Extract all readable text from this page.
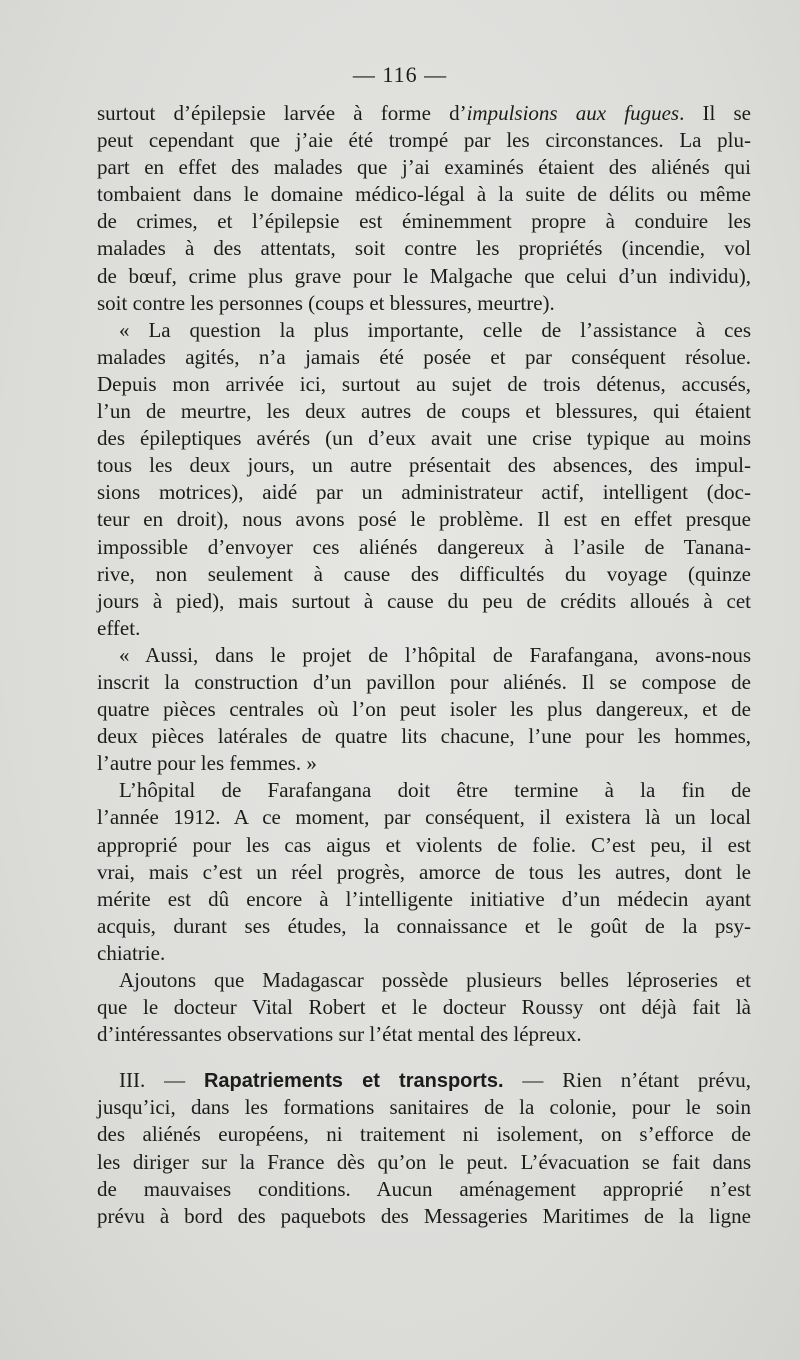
— 116 —
surtout d’épilepsie larvée à forme d’impulsions aux fugues. Il se
peut cependant que j’aie été trompé par les circonstances. La plu-
part en effet des malades que j’ai examinés étaient des aliénés qui
tombaient dans le domaine médico-légal à la suite de délits ou même
de crimes, et l’épilepsie est éminemment propre à conduire les
malades à des attentats, soit contre les propriétés (incendie, vol
de bœuf, crime plus grave pour le Malgache que celui d’un individu),
soit contre les personnes (coups et blessures, meurtre).
« La question la plus importante, celle de l’assistance à ces
malades agités, n’a jamais été posée et par conséquent résolue.
Depuis mon arrivée ici, surtout au sujet de trois détenus, accusés,
l’un de meurtre, les deux autres de coups et blessures, qui étaient
des épileptiques avérés (un d’eux avait une crise typique au moins
tous les deux jours, un autre présentait des absences, des impul-
sions motrices), aidé par un administrateur actif, intelligent (doc-
teur en droit), nous avons posé le problème. Il est en effet presque
impossible d’envoyer ces aliénés dangereux à l’asile de Tanana-
rive, non seulement à cause des difficultés du voyage (quinze
jours à pied), mais surtout à cause du peu de crédits alloués à cet
effet.
« Aussi, dans le projet de l’hôpital de Farafangana, avons-nous
inscrit la construction d’un pavillon pour aliénés. Il se compose de
quatre pièces centrales où l’on peut isoler les plus dangereux, et de
deux pièces latérales de quatre lits chacune, l’une pour les hommes,
l’autre pour les femmes. »
L’hôpital de Farafangana doit être termine à la fin de
l’année 1912. A ce moment, par conséquent, il existera là un local
approprié pour les cas aigus et violents de folie. C’est peu, il est
vrai, mais c’est un réel progrès, amorce de tous les autres, dont le
mérite est dû encore à l’intelligente initiative d’un médecin ayant
acquis, durant ses études, la connaissance et le goût de la psy-
chiatrie.
Ajoutons que Madagascar possède plusieurs belles léproseries et
que le docteur Vital Robert et le docteur Roussy ont déjà fait là
d’intéressantes observations sur l’état mental des lépreux.
III. — Rapatriements et transports. — Rien n’étant prévu,
jusqu’ici, dans les formations sanitaires de la colonie, pour le soin
des aliénés européens, ni traitement ni isolement, on s’efforce de
les diriger sur la France dès qu’on le peut. L’évacuation se fait dans
de mauvaises conditions. Aucun aménagement approprié n’est
prévu à bord des paquebots des Messageries Maritimes de la ligne
